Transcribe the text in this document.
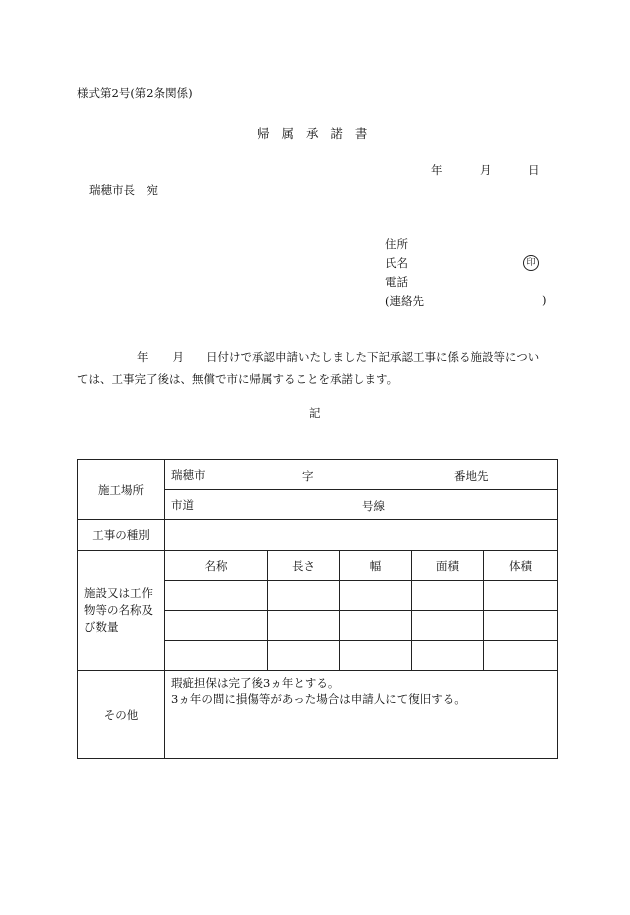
様式第2号(第2条関係)
帰 属 承 諾 書
年	月	日
瑞穂市長　宛
住所
氏名	印
電話
(連絡先	)
年 月 日付けで承認申請いたしました下記承認工事に係る施設等につい
ては、工事完了後は、無償で市に帰属することを承諾します。
記
施工場所	瑞穂市 字 番地先				

	市道 号線				

工事の種別					
施設又は工作物等の名称及び数量	名称	長さ	幅	面積	体積

その他	瑕疵担保は完了後3ヵ年とする。
3ヵ年の間に損傷等があった場合は申請人にて復旧する。				
